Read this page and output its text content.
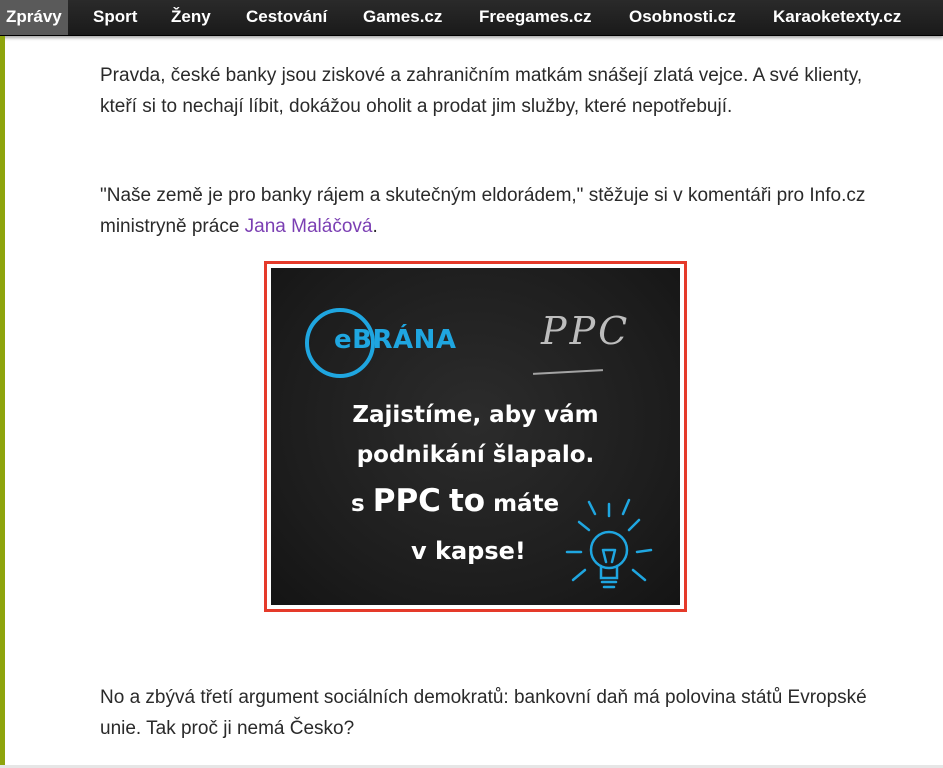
Zprávy	Sport Ženy Cestování Games.cz Freegames.cz Osobnosti.cz Karaoketexty.cz

Pravda, české banky jsou ziskové a zahraničním matkám snášejí zlatá vejce. A své klienty, kteří si to nechají líbit, dokážou oholit a prodat jim služby, které nepotřebují.

"Naše země je pro banky rájem a skutečným eldorádem," stěžuje si v komentáři pro Info.cz ministryně práce Jana Maláčová.

eBRÁNA PPC
Zajistíme, aby vám
podnikání šlapalo.
s PPC to máte
v kapse!

No a zbývá třetí argument sociálních demokratů: bankovní daň má polovina států Evropské unie. Tak proč ji nemá Česko?
